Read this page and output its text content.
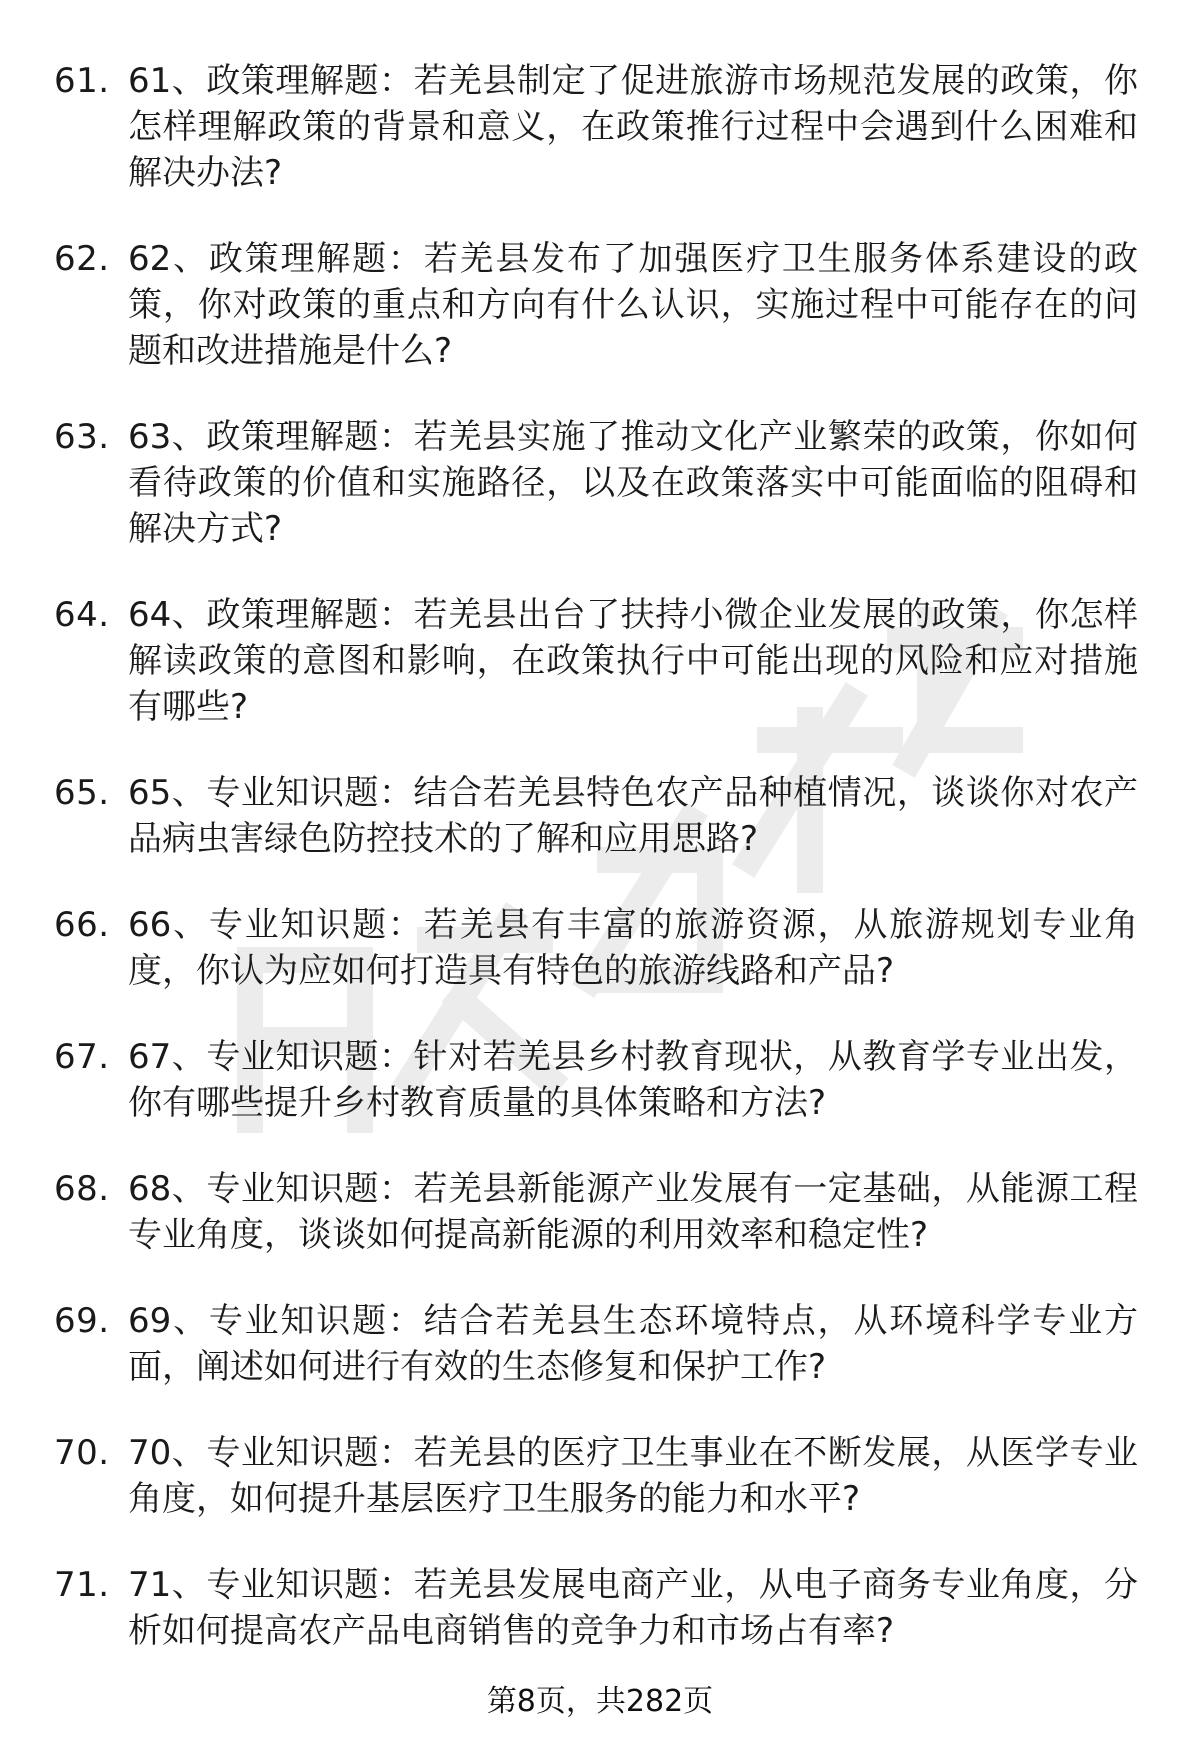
61. 61、政策理解题：若羌县制定了促进旅游市场规范发展的政策，你怎样理解政策的背景和意义，在政策推行过程中会遇到什么困难和解决办法?
62. 62、政策理解题：若羌县发布了加强医疗卫生服务体系建设的政策，你对政策的重点和方向有什么认识，实施过程中可能存在的问题和改进措施是什么?
63. 63、政策理解题：若羌县实施了推动文化产业繁荣的政策，你如何看待政策的价值和实施路径，以及在政策落实中可能面临的阻碍和解决方式?
64. 64、政策理解题：若羌县出台了扶持小微企业发展的政策，你怎样解读政策的意图和影响，在政策执行中可能出现的风险和应对措施有哪些?
65. 65、专业知识题：结合若羌县特色农产品种植情况，谈谈你对农产品病虫害绿色防控技术的了解和应用思路?
66. 66、专业知识题：若羌县有丰富的旅游资源，从旅游规划专业角度，你认为应如何打造具有特色的旅游线路和产品?
67. 67、专业知识题：针对若羌县乡村教育现状，从教育学专业出发，你有哪些提升乡村教育质量的具体策略和方法?
68. 68、专业知识题：若羌县新能源产业发展有一定基础，从能源工程专业角度，谈谈如何提高新能源的利用效率和稳定性?
69. 69、专业知识题：结合若羌县生态环境特点，从环境科学专业方面，阐述如何进行有效的生态修复和保护工作?
70. 70、专业知识题：若羌县的医疗卫生事业在不断发展，从医学专业角度，如何提升基层医疗卫生服务的能力和水平?
71. 71、专业知识题：若羌县发展电商产业，从电子商务专业角度，分析如何提高农产品电商销售的竞争力和市场占有率?
第8页，共282页
